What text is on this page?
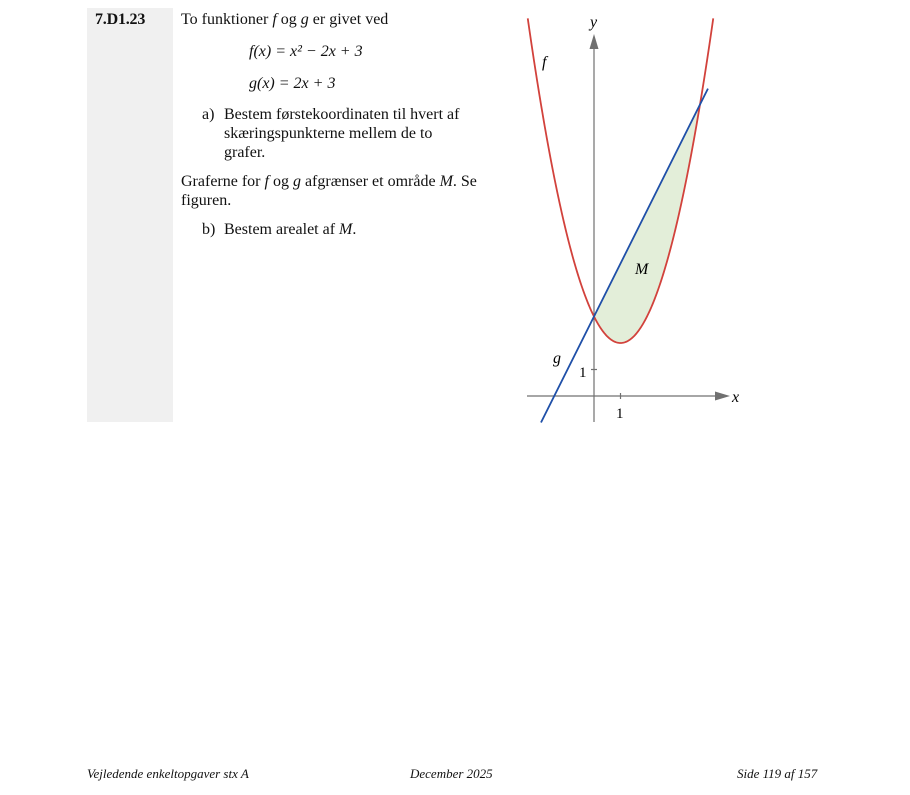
7.D1.23 To funktioner f og g er givet ved

f(x) = x² − 2x + 3

g(x) = 2x + 3

a) Bestem førstekoordinaten til hvert af skæringspunkterne mellem de to grafer.

Graferne for f og g afgrænser et område M. Se figuren.

b) Bestem arealet af M.
y
x
f
g
M
1
1
Vejledende enkeltopgaver stx A	December 2025	Side 119 af 157
